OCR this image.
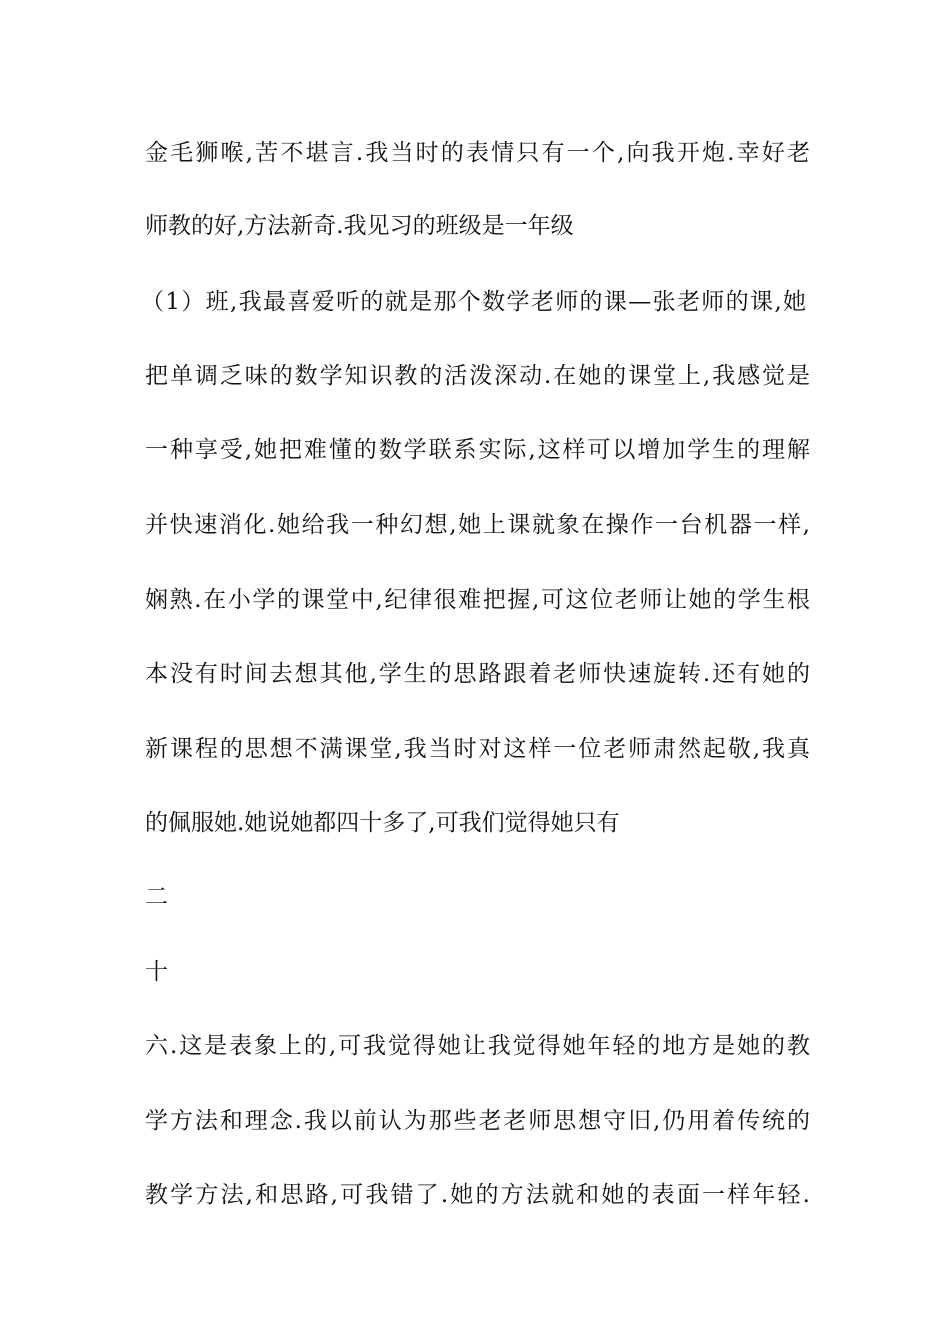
金毛狮喉,苦不堪言.我当时的表情只有一个,向我开炮.幸好老
师教的好,方法新奇.我见习的班级是一年级
（1）班,我最喜爱听的就是那个数学老师的课—张老师的课,她
把单调乏味的数学知识教的活泼深动.在她的课堂上,我感觉是
一种享受,她把难懂的数学联系实际,这样可以增加学生的理解
并快速消化.她给我一种幻想,她上课就象在操作一台机器一样,
娴熟.在小学的课堂中,纪律很难把握,可这位老师让她的学生根
本没有时间去想其他,学生的思路跟着老师快速旋转.还有她的
新课程的思想不满课堂,我当时对这样一位老师肃然起敬,我真
的佩服她.她说她都四十多了,可我们觉得她只有
二
十
六.这是表象上的,可我觉得她让我觉得她年轻的地方是她的教
学方法和理念.我以前认为那些老老师思想守旧,仍用着传统的
教学方法,和思路,可我错了.她的方法就和她的表面一样年轻.
